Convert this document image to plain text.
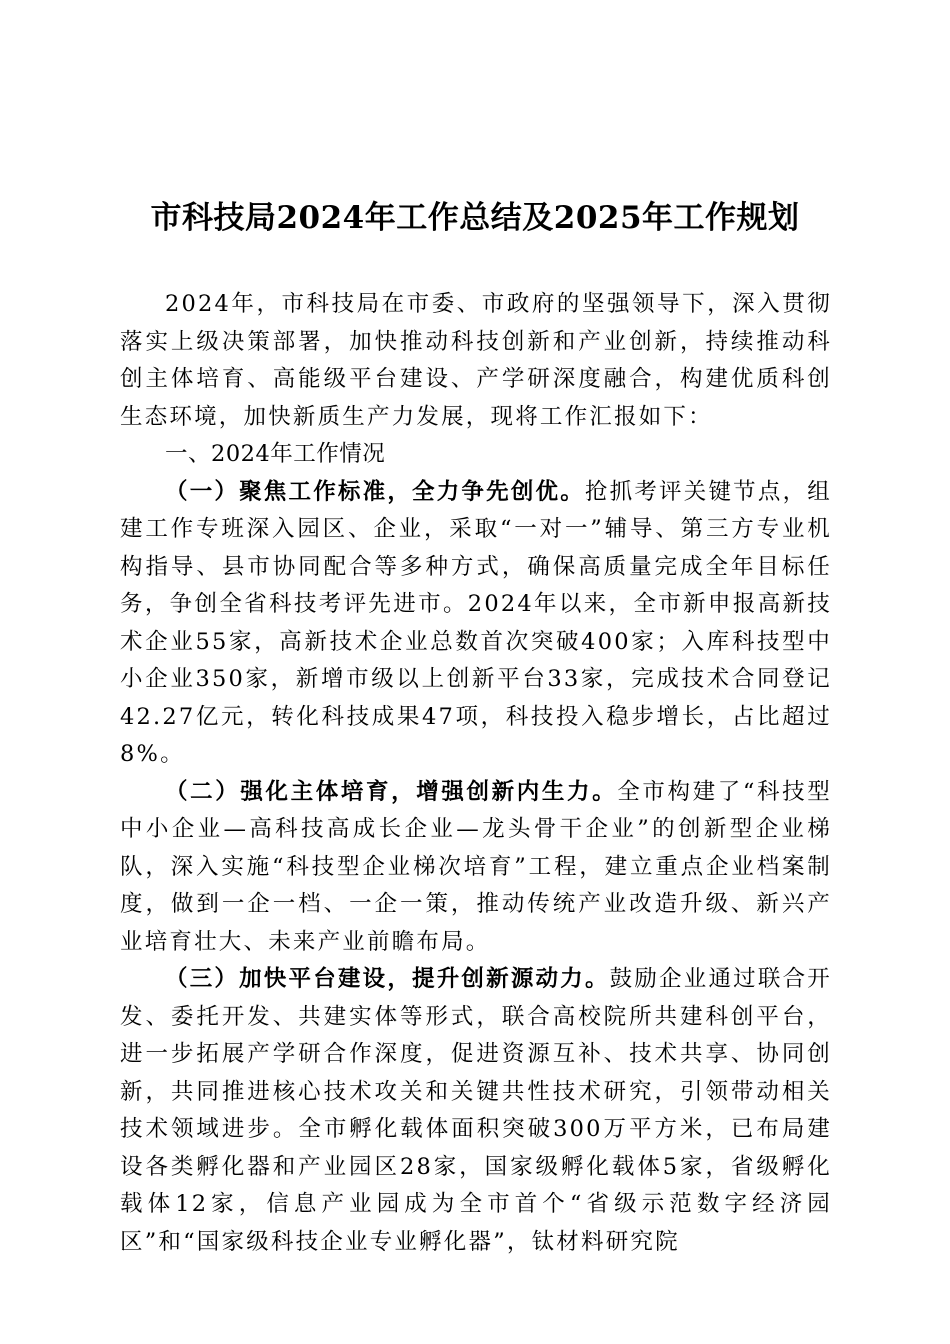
市科技局2024年工作总结及2025年工作规划

2024年，市科技局在市委、市政府的坚强领导下，深入贯彻落实上级决策部署，加快推动科技创新和产业创新，持续推动科创主体培育、高能级平台建设、产学研深度融合，构建优质科创生态环境，加快新质生产力发展，现将工作汇报如下：

一、2024年工作情况

（一）聚焦工作标准，全力争先创优。抢抓考评关键节点，组建工作专班深入园区、企业，采取“一对一”辅导、第三方专业机构指导、县市协同配合等多种方式，确保高质量完成全年目标任务，争创全省科技考评先进市。2024年以来，全市新申报高新技术企业55家，高新技术企业总数首次突破400家；入库科技型中小企业350家，新增市级以上创新平台33家，完成技术合同登记42.27亿元，转化科技成果47项，科技投入稳步增长，占比超过8%。

（二）强化主体培育，增强创新内生力。全市构建了“科技型中小企业—高科技高成长企业—龙头骨干企业”的创新型企业梯队，深入实施“科技型企业梯次培育”工程，建立重点企业档案制度，做到一企一档、一企一策，推动传统产业改造升级、新兴产业培育壮大、未来产业前瞻布局。

（三）加快平台建设，提升创新源动力。鼓励企业通过联合开发、委托开发、共建实体等形式，联合高校院所共建科创平台，进一步拓展产学研合作深度，促进资源互补、技术共享、协同创新，共同推进核心技术攻关和关键共性技术研究，引领带动相关技术领域进步。全市孵化载体面积突破300万平方米，已布局建设各类孵化器和产业园区28家，国家级孵化载体5家，省级孵化载体12家，信息产业园成为全市首个“省级示范数字经济园区”和“国家级科技企业专业孵化器”，钛材料研究院
